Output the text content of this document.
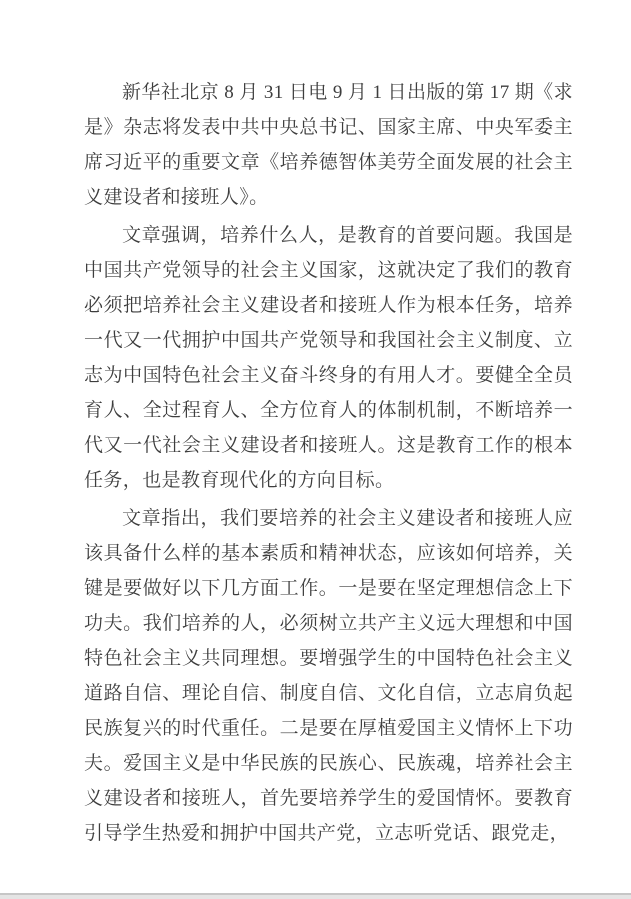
新华社北京 8 月 31 日电 9 月 1 日出版的第 17 期《求是》杂志将发表中共中央总书记、国家主席、中央军委主席习近平的重要文章《培养德智体美劳全面发展的社会主义建设者和接班人》。

文章强调，培养什么人，是教育的首要问题。我国是中国共产党领导的社会主义国家，这就决定了我们的教育必须把培养社会主义建设者和接班人作为根本任务，培养一代又一代拥护中国共产党领导和我国社会主义制度、立志为中国特色社会主义奋斗终身的有用人才。要健全全员育人、全过程育人、全方位育人的体制机制，不断培养一代又一代社会主义建设者和接班人。这是教育工作的根本任务，也是教育现代化的方向目标。

文章指出，我们要培养的社会主义建设者和接班人应该具备什么样的基本素质和精神状态，应该如何培养，关键是要做好以下几方面工作。一是要在坚定理想信念上下功夫。我们培养的人，必须树立共产主义远大理想和中国特色社会主义共同理想。要增强学生的中国特色社会主义道路自信、理论自信、制度自信、文化自信，立志肩负起民族复兴的时代重任。二是要在厚植爱国主义情怀上下功夫。爱国主义是中华民族的民族心、民族魂，培养社会主义建设者和接班人，首先要培养学生的爱国情怀。要教育引导学生热爱和拥护中国共产党，立志听党话、跟党走，
